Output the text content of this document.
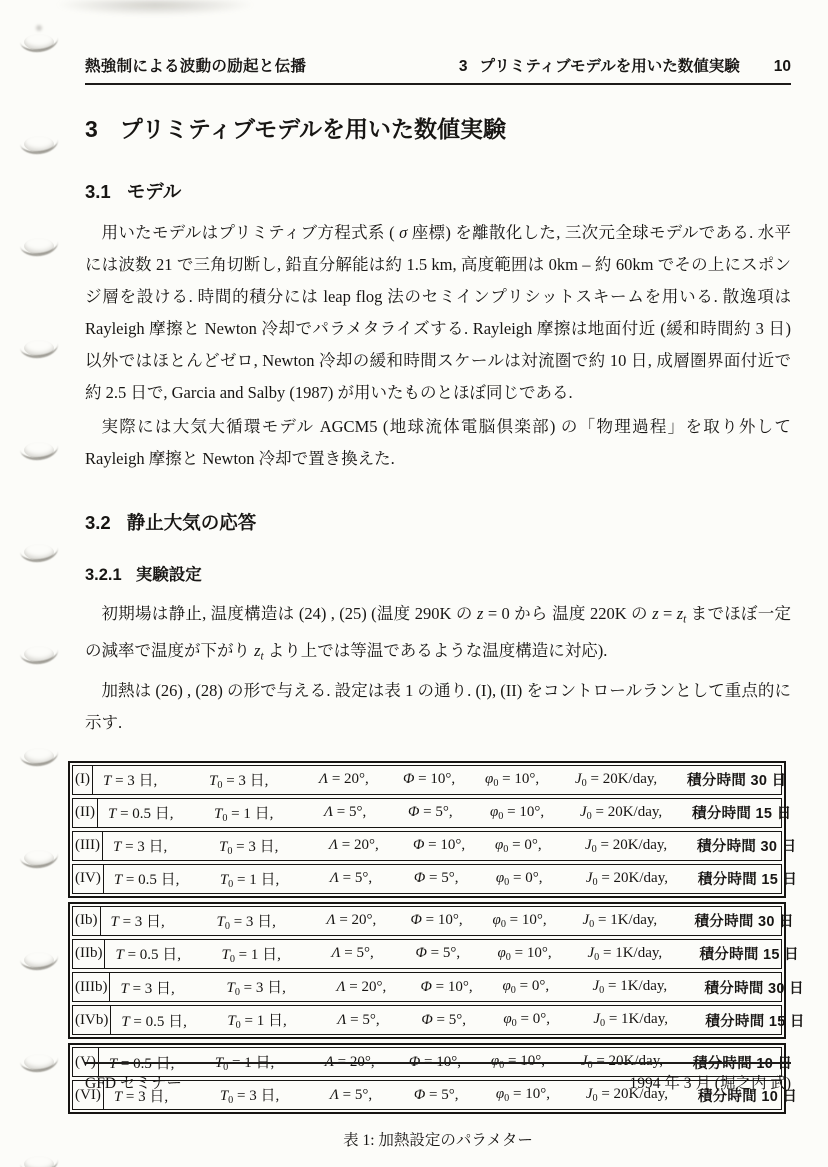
熱強制による波動の励起と伝播	3 プリミティブモデルを用いた数値実験 10
3 プリミティブモデルを用いた数値実験
3.1 モデル

用いたモデルはプリミティブ方程式系 ( σ 座標) を離散化した, 三次元全球モデルである. 水平には波数 21 で三角切断し, 鉛直分解能は約 1.5 km, 高度範囲は 0km – 約 60km でその上にスポンジ層を設ける. 時間的積分には leap flog 法のセミインプリシットスキームを用いる. 散逸項は Rayleigh 摩擦と Newton 冷却でパラメタライズする. Rayleigh 摩擦は地面付近 (緩和時間約 3 日) 以外ではほとんどゼロ, Newton 冷却の緩和時間スケールは対流圏で約 10 日, 成層圏界面付近で約 2.5 日で, Garcia and Salby (1987) が用いたものとほぼ同じである.

実際には大気大循環モデル AGCM5 (地球流体電脳倶楽部) の「物理過程」を取り外して Rayleigh 摩擦と Newton 冷却で置き換えた.

3.2 静止大気の応答
3.2.1 実験設定

初期場は静止, 温度構造は (24) , (25) (温度 290K の z = 0 から 温度 220K の $z = z_t$ までほぼ一定の減率で温度が下がり $z_t$ より上では等温であるような温度構造に対応).

加熱は (26) , (28) の形で与える. 設定は表 1 の通り. (I), (II) をコントロールランとして重点的に示す.

(I) T = 3 日,	$T_0 = 3$ 日,	Λ = 20°,	Φ = 10°,	$\varphi_0 = 10^\circ$,	$J_0 = 20K/day$,	積分時間 30 日
(II) T = 0.5 日,	$T_0 = 1$ 日,	Λ = 5°,	Φ = 5°,	$\varphi_0 = 10^\circ$,	$J_0 = 20K/day$,	積分時間 15 日
(III) T = 3 日,	$T_0 = 3$ 日,	Λ = 20°,	Φ = 10°,	$\varphi_0 = 0^\circ$,	$J_0 = 20K/day$,	積分時間 30 日
(IV) T = 0.5 日,	$T_0 = 1$ 日,	Λ = 5°,	Φ = 5°,	$\varphi_0 = 0^\circ$,	$J_0 = 20K/day$,	積分時間 15 日
(Ib) T = 3 日,	$T_0 = 3$ 日,	Λ = 20°,	Φ = 10°,	$\varphi_0 = 10^\circ$,	$J_0 = 1K/day$,	積分時間 30 日
(IIb) T = 0.5 日,	$T_0 = 1$ 日,	Λ = 5°,	Φ = 5°,	$\varphi_0 = 10^\circ$,	$J_0 = 1K/day$,	積分時間 15 日
(IIIb) T = 3 日,	$T_0 = 3$ 日,	Λ = 20°,	Φ = 10°,	$\varphi_0 = 0^\circ$,	$J_0 = 1K/day$,	積分時間 30 日
(IVb) T = 0.5 日,	$T_0 = 1$ 日,	Λ = 5°,	Φ = 5°,	$\varphi_0 = 0^\circ$,	$J_0 = 1K/day$,	積分時間 15 日
(V) T = 0.5 日,	$T_0 = 1$ 日,	Λ = 20°,	Φ = 10°,	$\varphi_0 = 10^\circ$,	$J_0 = 20K/day$,	積分時間 10 日
(VI) T = 3 日,	$T_0 = 3$ 日,	Λ = 5°,	Φ = 5°,	$\varphi_0 = 10^\circ$,	$J_0 = 20K/day$,	積分時間 10 日
表 1: 加熱設定のパラメター
GFD セミナー	1994 年 3 月 (堀之内 武)
